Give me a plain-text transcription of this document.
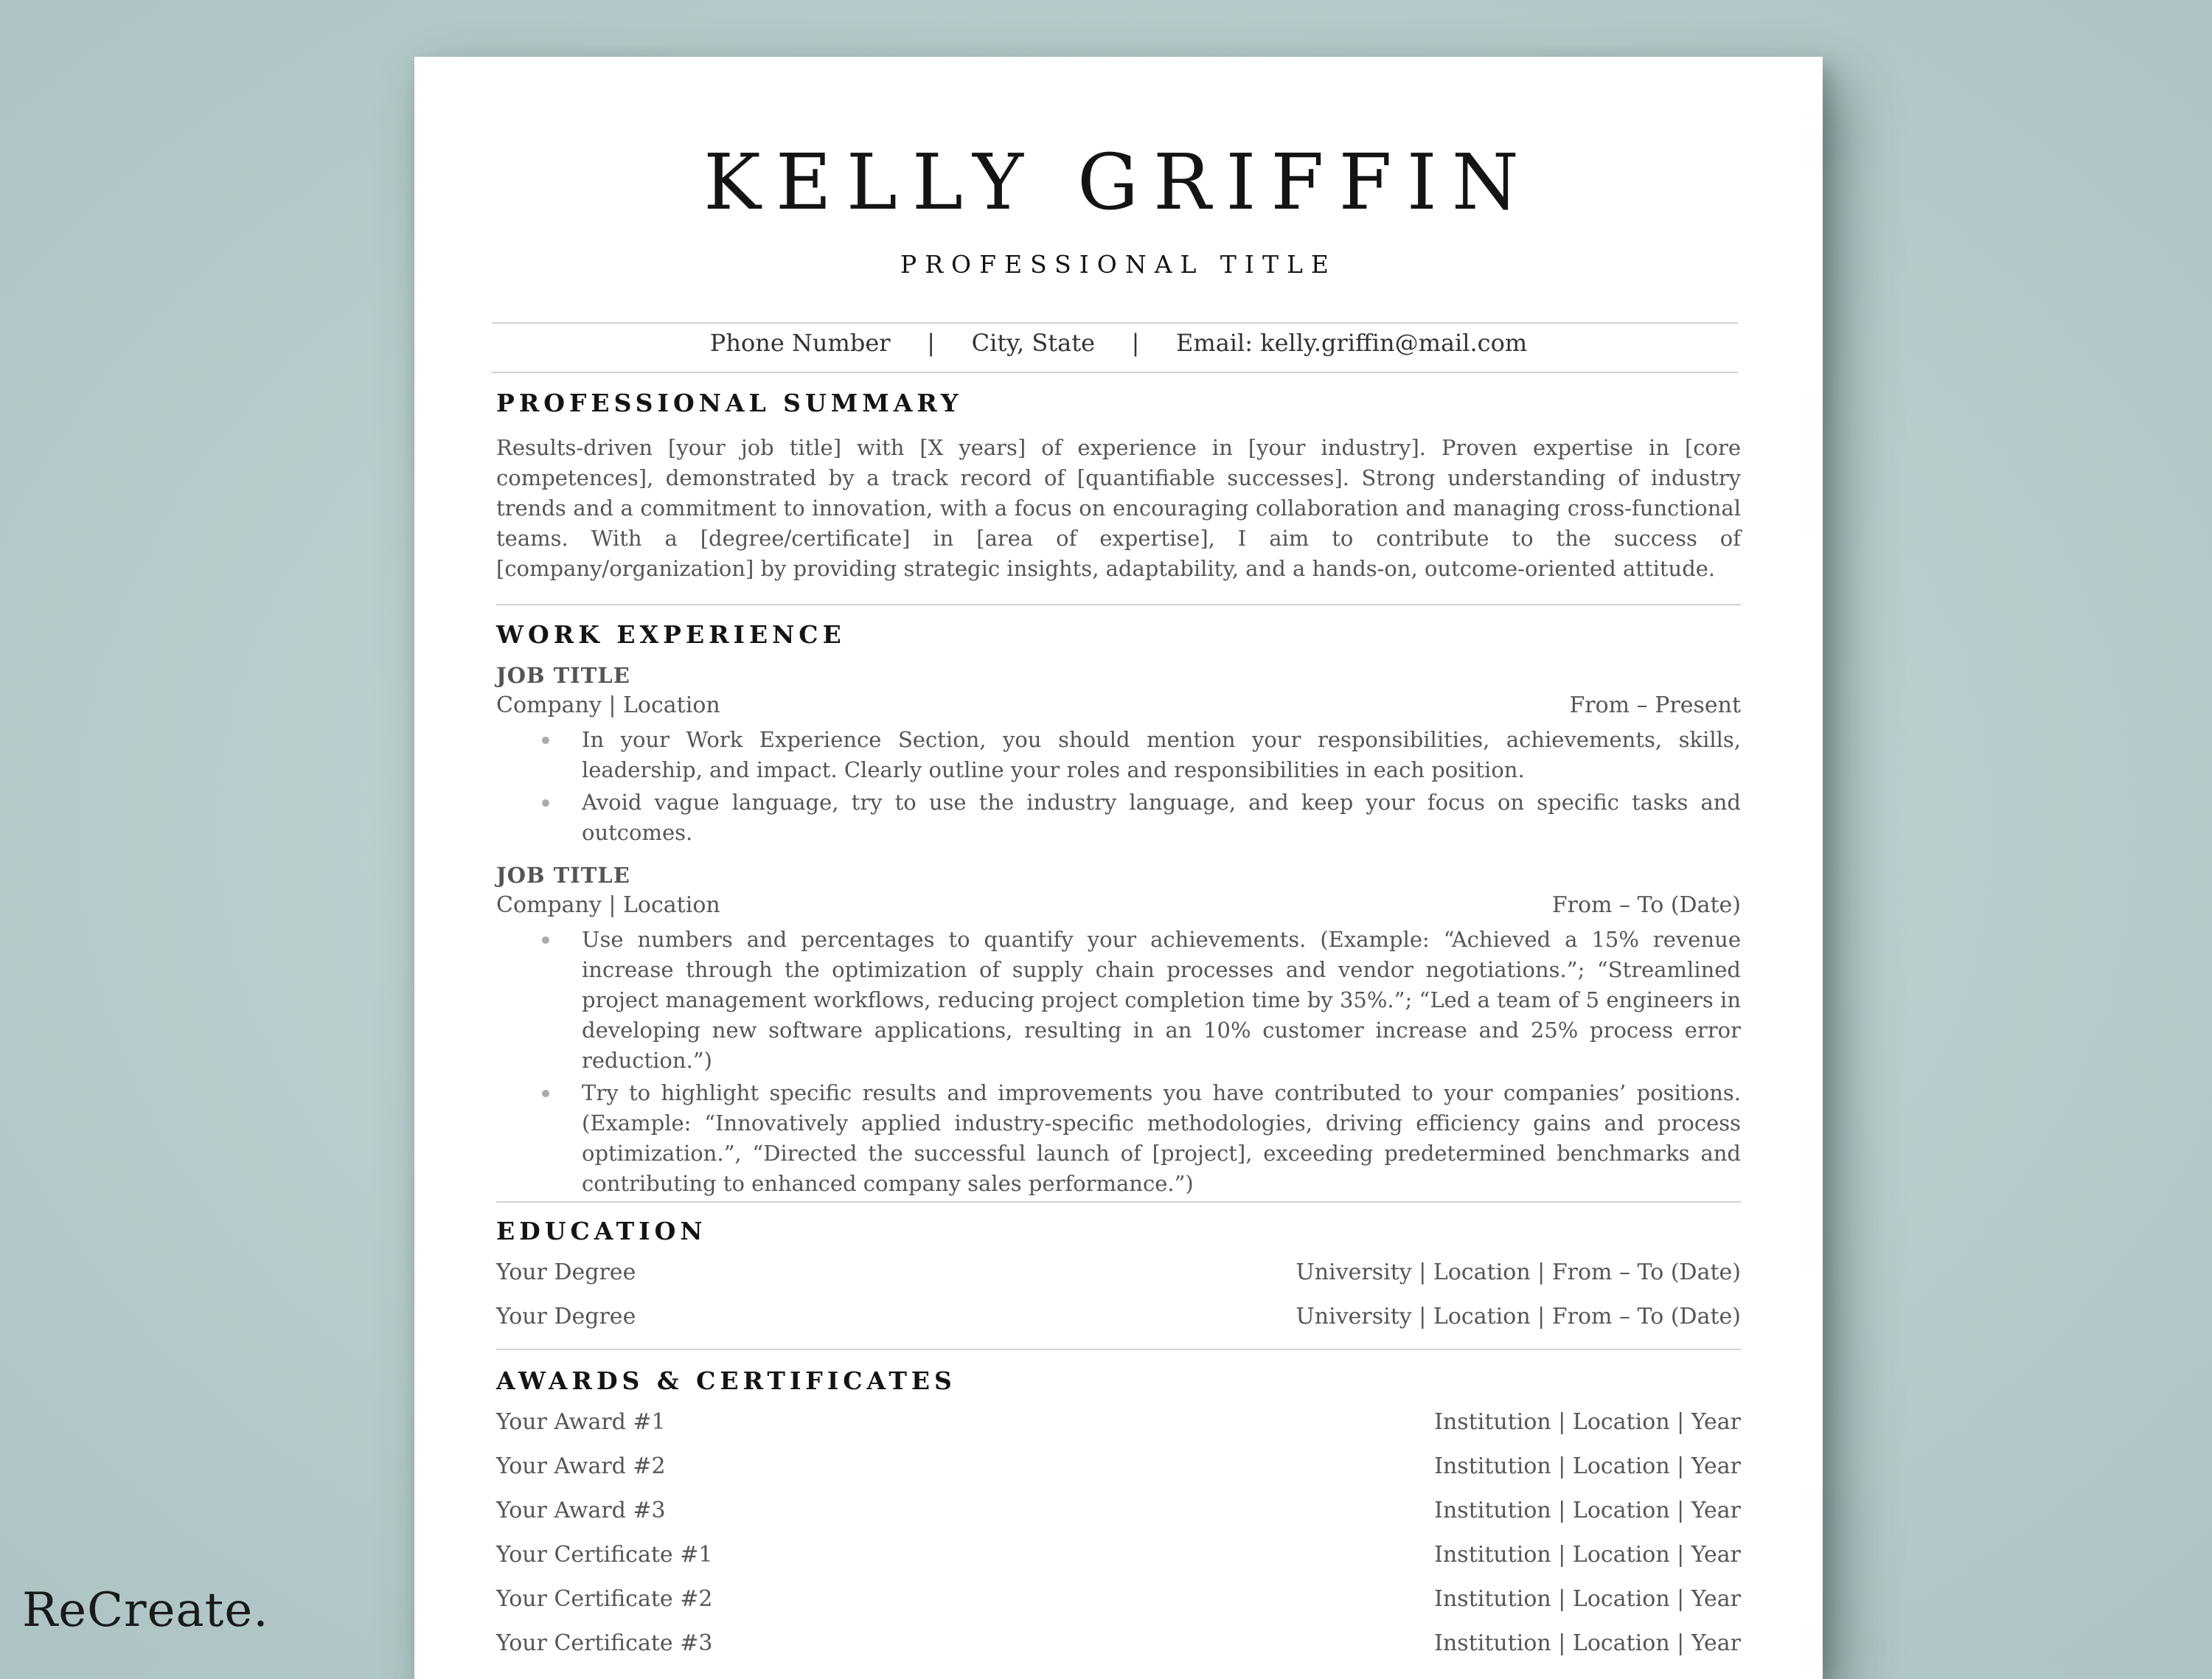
KELLY GRIFFIN
PROFESSIONAL TITLE
Phone Number | City, State | Email: kelly.griffin@mail.com
PROFESSIONAL SUMMARY
Results-driven [your job title] with [X years] of experience in [your industry]. Proven expertise in [core competences], demonstrated by a track record of [quantifiable successes]. Strong understanding of industry trends and a commitment to innovation, with a focus on encouraging collaboration and managing cross-functional teams. With a [degree/certificate] in [area of expertise], I aim to contribute to the success of [company/organization] by providing strategic insights, adaptability, and a hands-on, outcome-oriented attitude.
WORK EXPERIENCE
JOB TITLE
Company | Location	From – Present
In your Work Experience Section, you should mention your responsibilities, achievements, skills, leadership, and impact. Clearly outline your roles and responsibilities in each position.
Avoid vague language, try to use the industry language, and keep your focus on specific tasks and outcomes.
JOB TITLE
Company | Location	From – To (Date)
Use numbers and percentages to quantify your achievements. (Example: “Achieved a 15% revenue increase through the optimization of supply chain processes and vendor negotiations.”; “Streamlined project management workflows, reducing project completion time by 35%.”; “Led a team of 5 engineers in developing new software applications, resulting in an 10% customer increase and 25% process error reduction.”)
Try to highlight specific results and improvements you have contributed to your companies’ positions. (Example: “Innovatively applied industry-specific methodologies, driving efficiency gains and process optimization.”, “Directed the successful launch of [project], exceeding predetermined benchmarks and contributing to enhanced company sales performance.”)
EDUCATION
Your Degree	University | Location | From – To (Date)
Your Degree	University | Location | From – To (Date)
AWARDS & CERTIFICATES
Your Award #1	Institution | Location | Year
Your Award #2	Institution | Location | Year
Your Award #3	Institution | Location | Year
Your Certificate #1	Institution | Location | Year
Your Certificate #2	Institution | Location | Year
Your Certificate #3	Institution | Location | Year
ReCreate.
